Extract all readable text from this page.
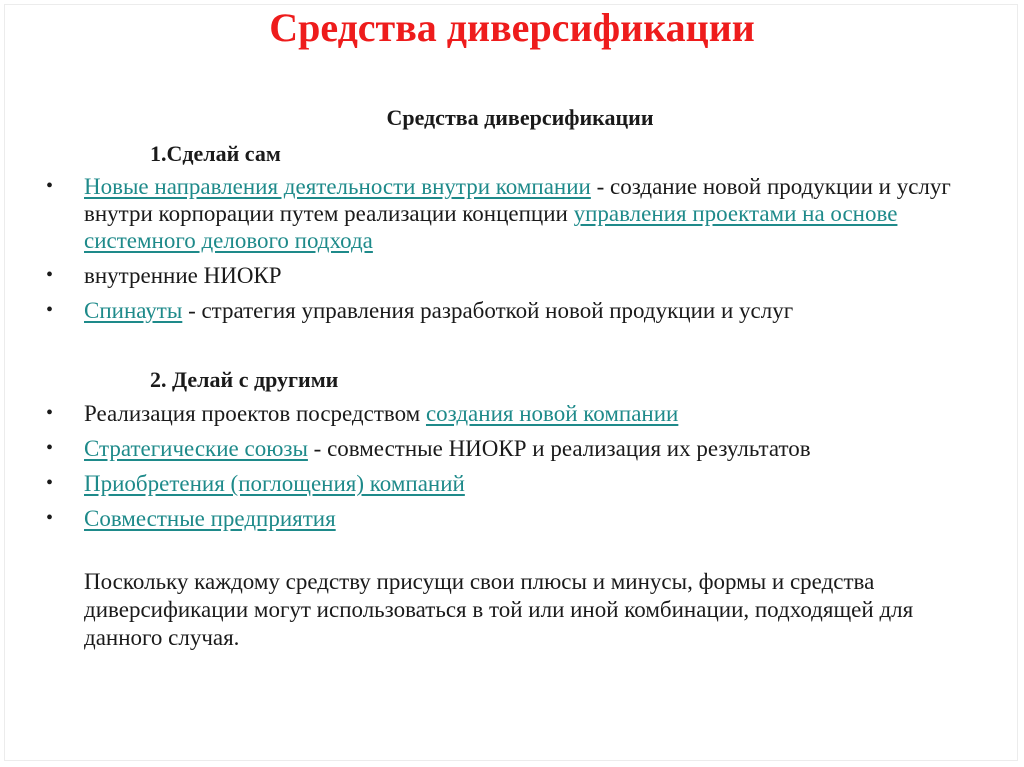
Средства диверсификации
Средства диверсификации
1.Сделай сам
•	Новые направления деятельности внутри компании - создание новой продукции и услуг внутри корпорации путем реализации концепции управления проектами на основе системного делового подхода
•	внутренние НИОКР
•	Спинауты - стратегия управления разработкой новой продукции и услуг
2. Делай с другими
•	Реализация проектов посредством создания новой компании
•	Стратегические союзы - совместные НИОКР и реализация их результатов
•	Приобретения (поглощения) компаний
•	Совместные предприятия
Поскольку каждому средству присущи свои плюсы и минусы, формы и средства диверсификации могут использоваться в той или иной комбинации, подходящей для данного случая.
